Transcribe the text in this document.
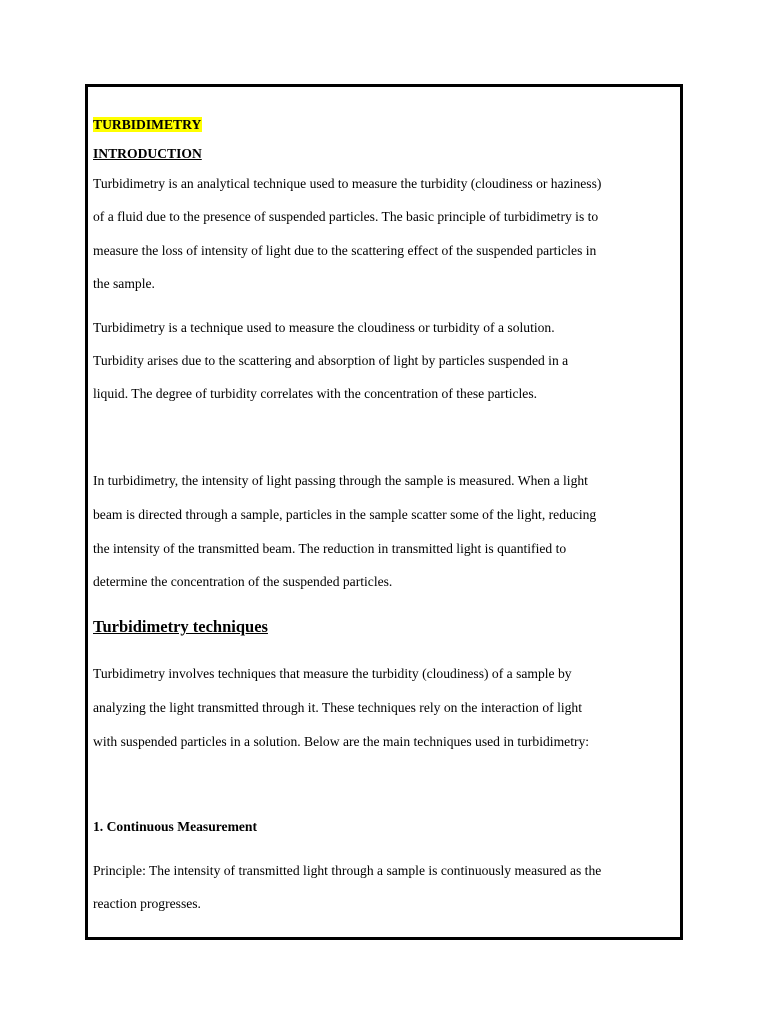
TURBIDIMETRY
INTRODUCTION
Turbidimetry is an analytical technique used to measure the turbidity (cloudiness or haziness)
of a fluid due to the presence of suspended particles. The basic principle of turbidimetry is to
measure the loss of intensity of light due to the scattering effect of the suspended particles in
the sample.
Turbidimetry is a technique used to measure the cloudiness or turbidity of a solution.
Turbidity arises due to the scattering and absorption of light by particles suspended in a
liquid. The degree of turbidity correlates with the concentration of these particles.
In turbidimetry, the intensity of light passing through the sample is measured. When a light
beam is directed through a sample, particles in the sample scatter some of the light, reducing
the intensity of the transmitted beam. The reduction in transmitted light is quantified to
determine the concentration of the suspended particles.
Turbidimetry techniques
Turbidimetry involves techniques that measure the turbidity (cloudiness) of a sample by
analyzing the light transmitted through it. These techniques rely on the interaction of light
with suspended particles in a solution. Below are the main techniques used in turbidimetry:
1. Continuous Measurement
Principle: The intensity of transmitted light through a sample is continuously measured as the
reaction progresses.
